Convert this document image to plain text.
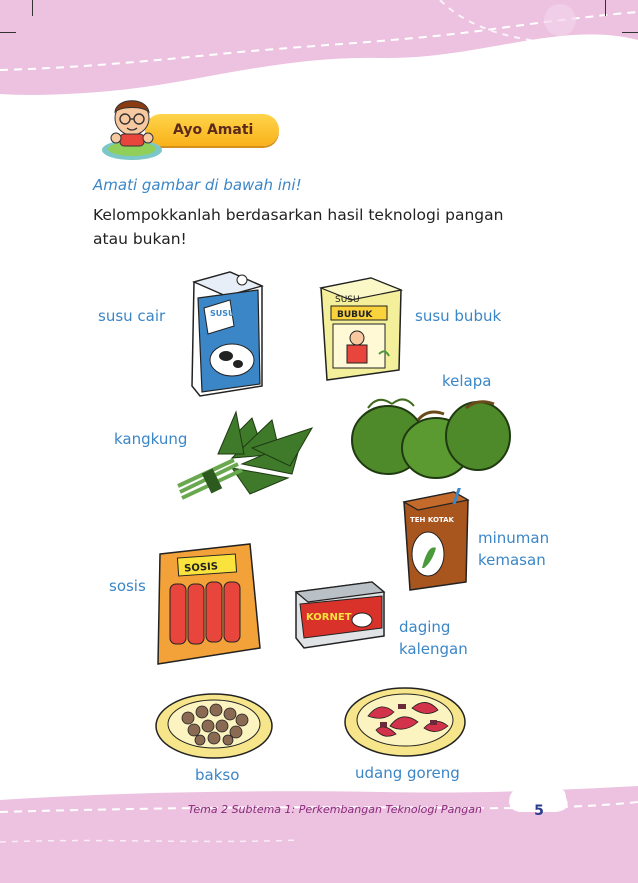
Ayo Amati
Amati gambar di bawah ini!
Kelompokkanlah berdasarkan hasil teknologi pangan atau bukan!
SUSU UHT
SUSU
BUBUK
TEH KOTAK
SOSIS
KORNET
susu cair	susu bubuk
kelapa
kangkung
minuman
kemasan
sosis
daging
kalengan
bakso	udang goreng
Tema 2 Subtema 1: Perkembangan Teknologi Pangan	5
